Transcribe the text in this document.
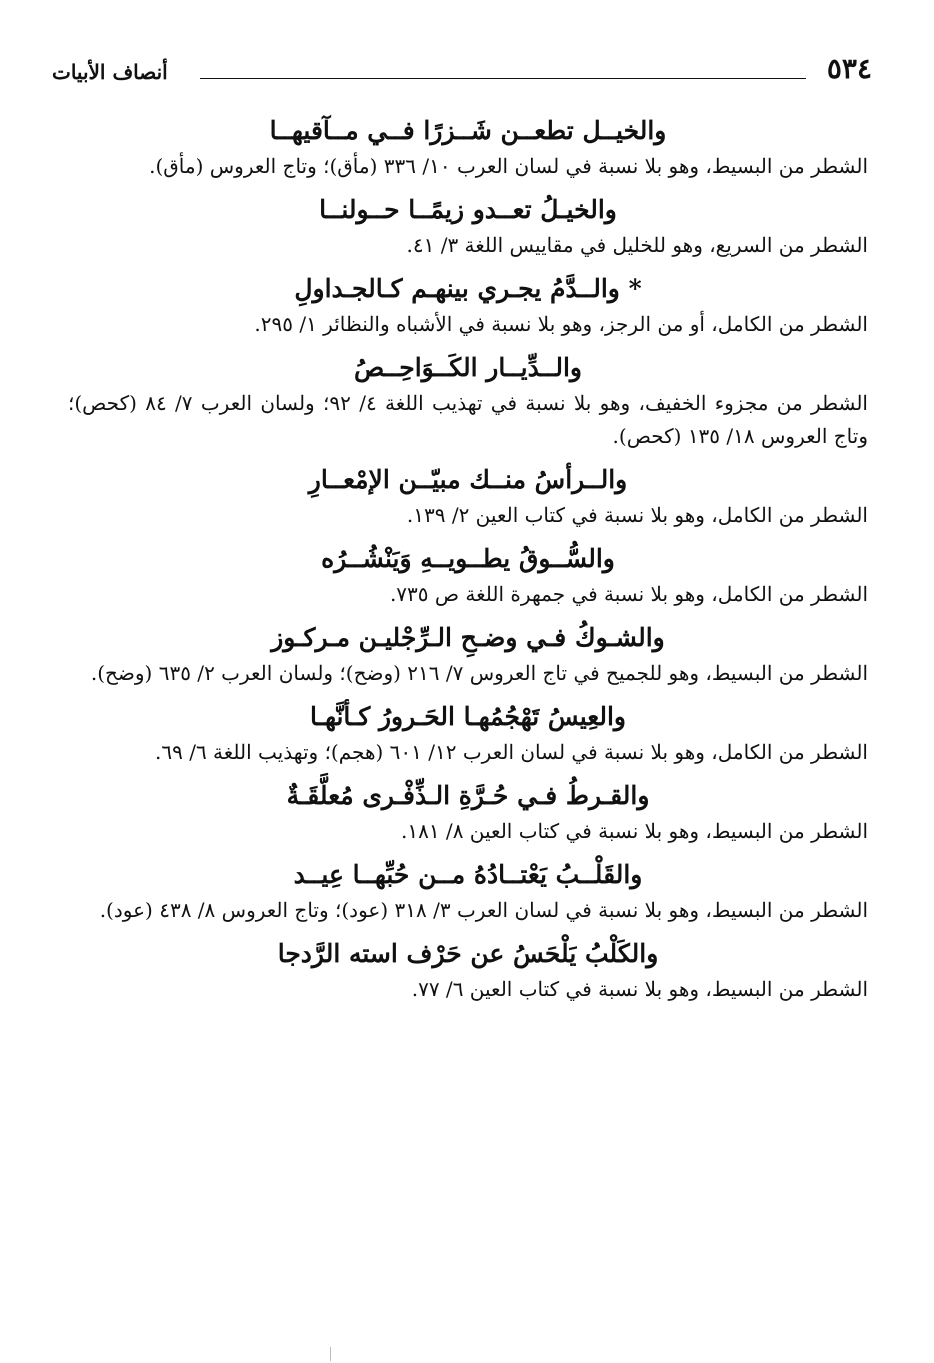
٥٣٤
أنصاف الأبيات
والخيــل تطعــن شَــزرًا فــي مــآقيهــا
الشطر من البسيط، وهو بلا نسبة في لسان العرب ١٠/ ٣٣٦ (مأق)؛ وتاج العروس (مأق).
والخيـلُ تعــدو زيمًــا حــولنــا
الشطر من السريع، وهو للخليل في مقاييس اللغة ٣/ ٤١.
* والــدَّمُ يجـري بينهـم كـالجـداولِ
الشطر من الكامل، أو من الرجز، وهو بلا نسبة في الأشباه والنظائر ١/ ٢٩٥.
والــدِّيــار الكَــوَاحِــصُ
الشطر من مجزوء الخفيف، وهو بلا نسبة في تهذيب اللغة ٤/ ٩٢؛ ولسان العرب ٧/ ٨٤ (كحص)؛ وتاج العروس ١٨/ ١٣٥ (كحص).
والــرأسُ منــك مبيّــن الإمْعــارِ
الشطر من الكامل، وهو بلا نسبة في كتاب العين ٢/ ١٣٩.
والسُّــوقُ يطــويــهِ وَيَنْشُــرُه
الشطر من الكامل، وهو بلا نسبة في جمهرة اللغة ص ٧٣٥.
والشـوكُ فـي وضـحِ الـرِّجْليـن مـركـوز
الشطر من البسيط، وهو للجميح في تاج العروس ٧/ ٢١٦ (وضح)؛ ولسان العرب ٢/ ٦٣٥ (وضح).
والعِيسُ تَهْجُمُهـا الحَـرورُ كـأنَّهـا
الشطر من الكامل، وهو بلا نسبة في لسان العرب ١٢/ ٦٠١ (هجم)؛ وتهذيب اللغة ٦/ ٦٩.
والقـرطُ فـي حُـرَّةِ الـذِّفْـرى مُعلَّقَـةٌ
الشطر من البسيط، وهو بلا نسبة في كتاب العين ٨/ ١٨١.
والقَلْــبُ يَعْتــادُهُ مــن حُبِّهــا عِيــد
الشطر من البسيط، وهو بلا نسبة في لسان العرب ٣/ ٣١٨ (عود)؛ وتاج العروس ٨/ ٤٣٨ (عود).
والكَلْبُ يَلْحَسُ عن حَرْف استه الرَّدجا
الشطر من البسيط، وهو بلا نسبة في كتاب العين ٦/ ٧٧.
